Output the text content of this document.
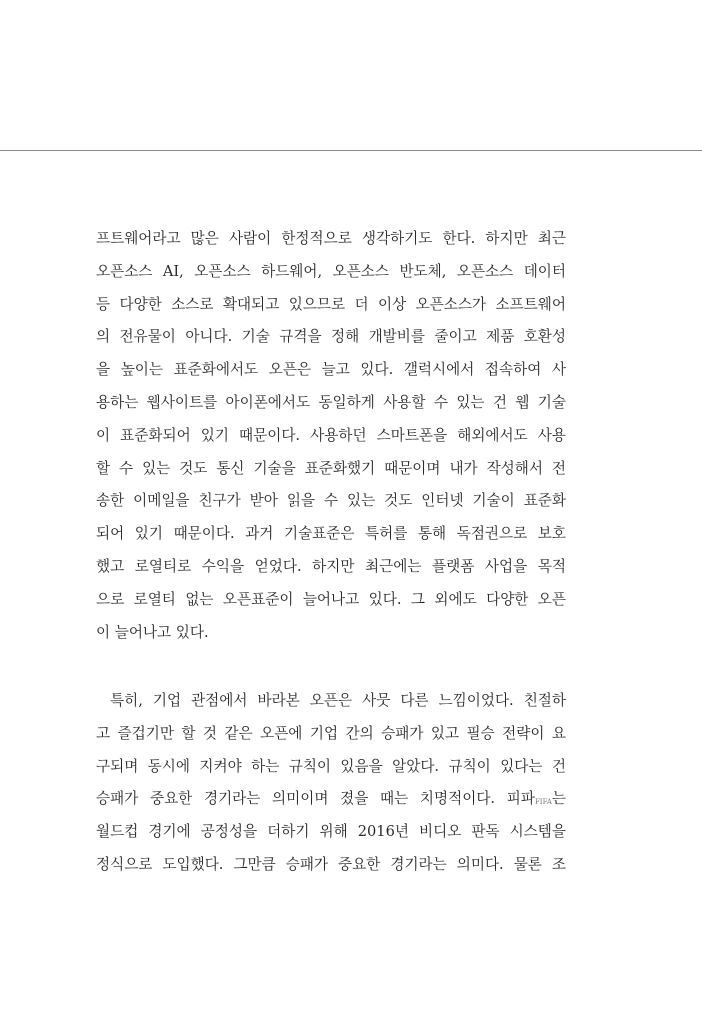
프트웨어라고 많은 사람이 한정적으로 생각하기도 한다. 하지만 최근
오픈소스 AI, 오픈소스 하드웨어, 오픈소스 반도체, 오픈소스 데이터
등 다양한 소스로 확대되고 있으므로 더 이상 오픈소스가 소프트웨어
의 전유물이 아니다. 기술 규격을 정해 개발비를 줄이고 제품 호환성
을 높이는 표준화에서도 오픈은 늘고 있다. 갤럭시에서 접속하여 사
용하는 웹사이트를 아이폰에서도 동일하게 사용할 수 있는 건 웹 기술
이 표준화되어 있기 때문이다. 사용하던 스마트폰을 해외에서도 사용
할 수 있는 것도 통신 기술을 표준화했기 때문이며 내가 작성해서 전
송한 이메일을 친구가 받아 읽을 수 있는 것도 인터넷 기술이 표준화
되어 있기 때문이다. 과거 기술표준은 특허를 통해 독점권으로 보호
했고 로열티로 수익을 얻었다. 하지만 최근에는 플랫폼 사업을 목적
으로 로열티 없는 오픈표준이 늘어나고 있다. 그 외에도 다양한 오픈
이 늘어나고 있다.
특히, 기업 관점에서 바라본 오픈은 사뭇 다른 느낌이었다. 친절하
고 즐겁기만 할 것 같은 오픈에 기업 간의 승패가 있고 필승 전략이 요
구되며 동시에 지켜야 하는 규칙이 있음을 알았다. 규칙이 있다는 건
승패가 중요한 경기라는 의미이며 졌을 때는 치명적이다. 피파FIFA는
월드컵 경기에 공정성을 더하기 위해 2016년 비디오 판독 시스템을
정식으로 도입했다. 그만큼 승패가 중요한 경기라는 의미다. 물론 조
